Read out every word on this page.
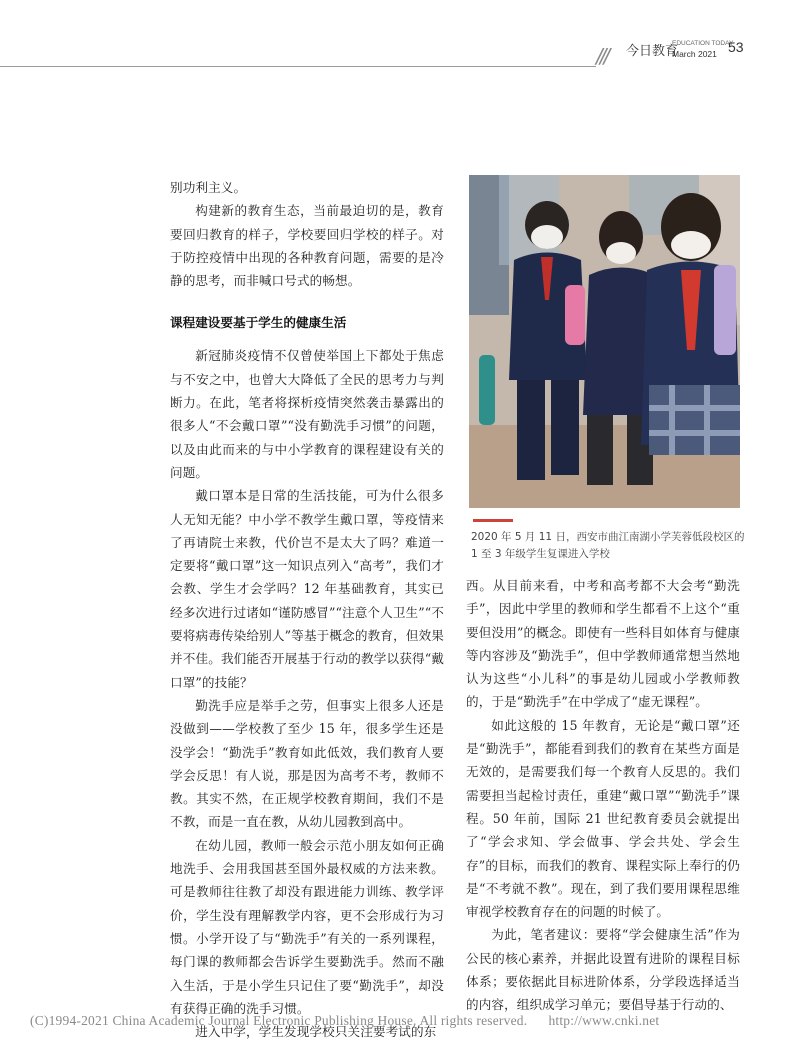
/// 今日教育
EDUCATION TODAY
March 2021 53

别功利主义。

构建新的教育生态，当前最迫切的是，教育要回归教育的样子，学校要回归学校的样子。对于防控疫情中出现的各种教育问题，需要的是冷静的思考，而非喊口号式的畅想。

课程建设要基于学生的健康生活

新冠肺炎疫情不仅曾使举国上下都处于焦虑与不安之中，也曾大大降低了全民的思考力与判断力。在此，笔者将探析疫情突然袭击暴露出的很多人“不会戴口罩”“没有勤洗手习惯”的问题，以及由此而来的与中小学教育的课程建设有关的问题。

戴口罩本是日常的生活技能，可为什么很多人无知无能？中小学不教学生戴口罩，等疫情来了再请院士来教，代价岂不是太大了吗？难道一定要将“戴口罩”这一知识点列入“高考”，我们才会教、学生才会学吗？12 年基础教育，其实已经多次进行过诸如“谨防感冒”“注意个人卫生”“不要将病毒传染给别人”等基于概念的教育，但效果并不佳。我们能否开展基于行动的教学以获得“戴口罩”的技能？

勤洗手应是举手之劳，但事实上很多人还是没做到——学校教了至少 15 年，很多学生还是没学会！“勤洗手”教育如此低效，我们教育人要学会反思！有人说，那是因为高考不考，教师不教。其实不然，在正规学校教育期间，我们不是不教，而是一直在教，从幼儿园教到高中。

在幼儿园，教师一般会示范小朋友如何正确地洗手、会用我国甚至国外最权威的方法来教。可是教师往往教了却没有跟进能力训练、教学评价，学生没有理解教学内容，更不会形成行为习惯。小学开设了与“勤洗手”有关的一系列课程，每门课的教师都会告诉学生要勤洗手。然而不融入生活，于是小学生只记住了要“勤洗手”，却没有获得正确的洗手习惯。

进入中学，学生发现学校只关注要考试的东

2020 年 5 月 11 日，西安市曲江南湖小学芙蓉低段校区的 1 至 3 年级学生复课进入学校

西。从目前来看，中考和高考都不大会考“勤洗手”，因此中学里的教师和学生都看不上这个“重要但没用”的概念。即使有一些科目如体育与健康等内容涉及“勤洗手”，但中学教师通常想当然地认为这些“小儿科”的事是幼儿园或小学教师教的，于是“勤洗手”在中学成了“虚无课程”。

如此这般的 15 年教育，无论是“戴口罩”还是“勤洗手”，都能看到我们的教育在某些方面是无效的，是需要我们每一个教育人反思的。我们需要担当起检讨责任，重建“戴口罩”“勤洗手”课程。50 年前，国际 21 世纪教育委员会就提出了“学会求知、学会做事、学会共处、学会生存”的目标，而我们的教育、课程实际上奉行的仍是“不考就不教”。现在，到了我们要用课程思维审视学校教育存在的问题的时候了。

为此，笔者建议：要将“学会健康生活”作为公民的核心素养，并据此设置有进阶的课程目标体系；要依据此目标进阶体系，分学段选择适当的内容，组织成学习单元；要倡导基于行动的、

(C)1994-2021 China Academic Journal Electronic Publishing House. All rights reserved. http://www.cnki.net
